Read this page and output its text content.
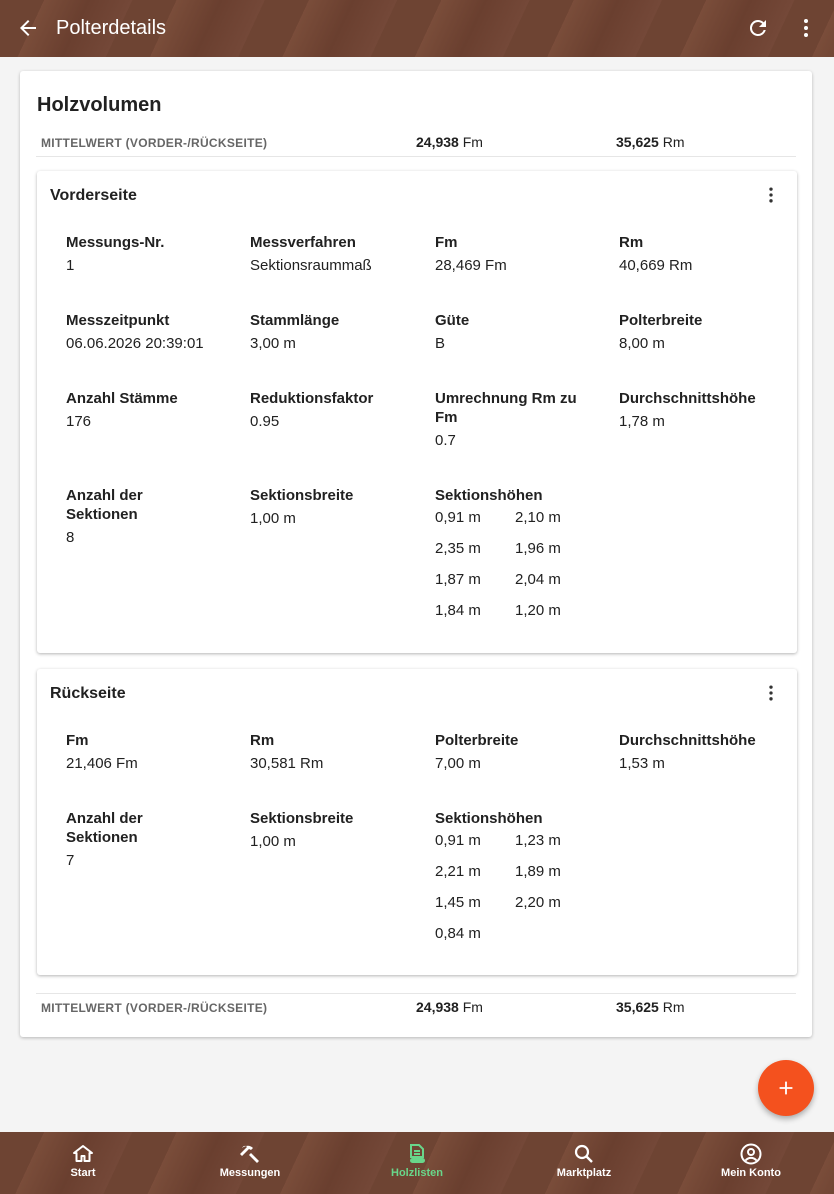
Polterdetails
Holzvolumen
MITTELWERT (VORDER-/RÜCKSEITE)	24,938 Fm	35,625 Rm
Vorderseite
Messungs-Nr.
1
Messverfahren
Sektionsraummaß
Fm
28,469 Fm
Rm
40,669 Rm
Messzeitpunkt
06.06.2026 20:39:01
Stammlänge
3,00 m
Güte
B
Polterbreite
8,00 m
Anzahl Stämme
176
Reduktionsfaktor
0.95
Umrechnung Rm zu Fm
0.7
Durchschnittshöhe
1,78 m
Anzahl der Sektionen
8
Sektionsbreite
1,00 m
Sektionshöhen
0,91 m 2,10 m
2,35 m 1,96 m
1,87 m 2,04 m
1,84 m 1,20 m
Rückseite
Fm
21,406 Fm
Rm
30,581 Rm
Polterbreite
7,00 m
Durchschnittshöhe
1,53 m
Anzahl der Sektionen
7
Sektionsbreite
1,00 m
Sektionshöhen
0,91 m 1,23 m
2,21 m 1,89 m
1,45 m 2,20 m
0,84 m
MITTELWERT (VORDER-/RÜCKSEITE)	24,938 Fm	35,625 Rm
Start	Messungen	Holzlisten	Marktplatz	Mein Konto
